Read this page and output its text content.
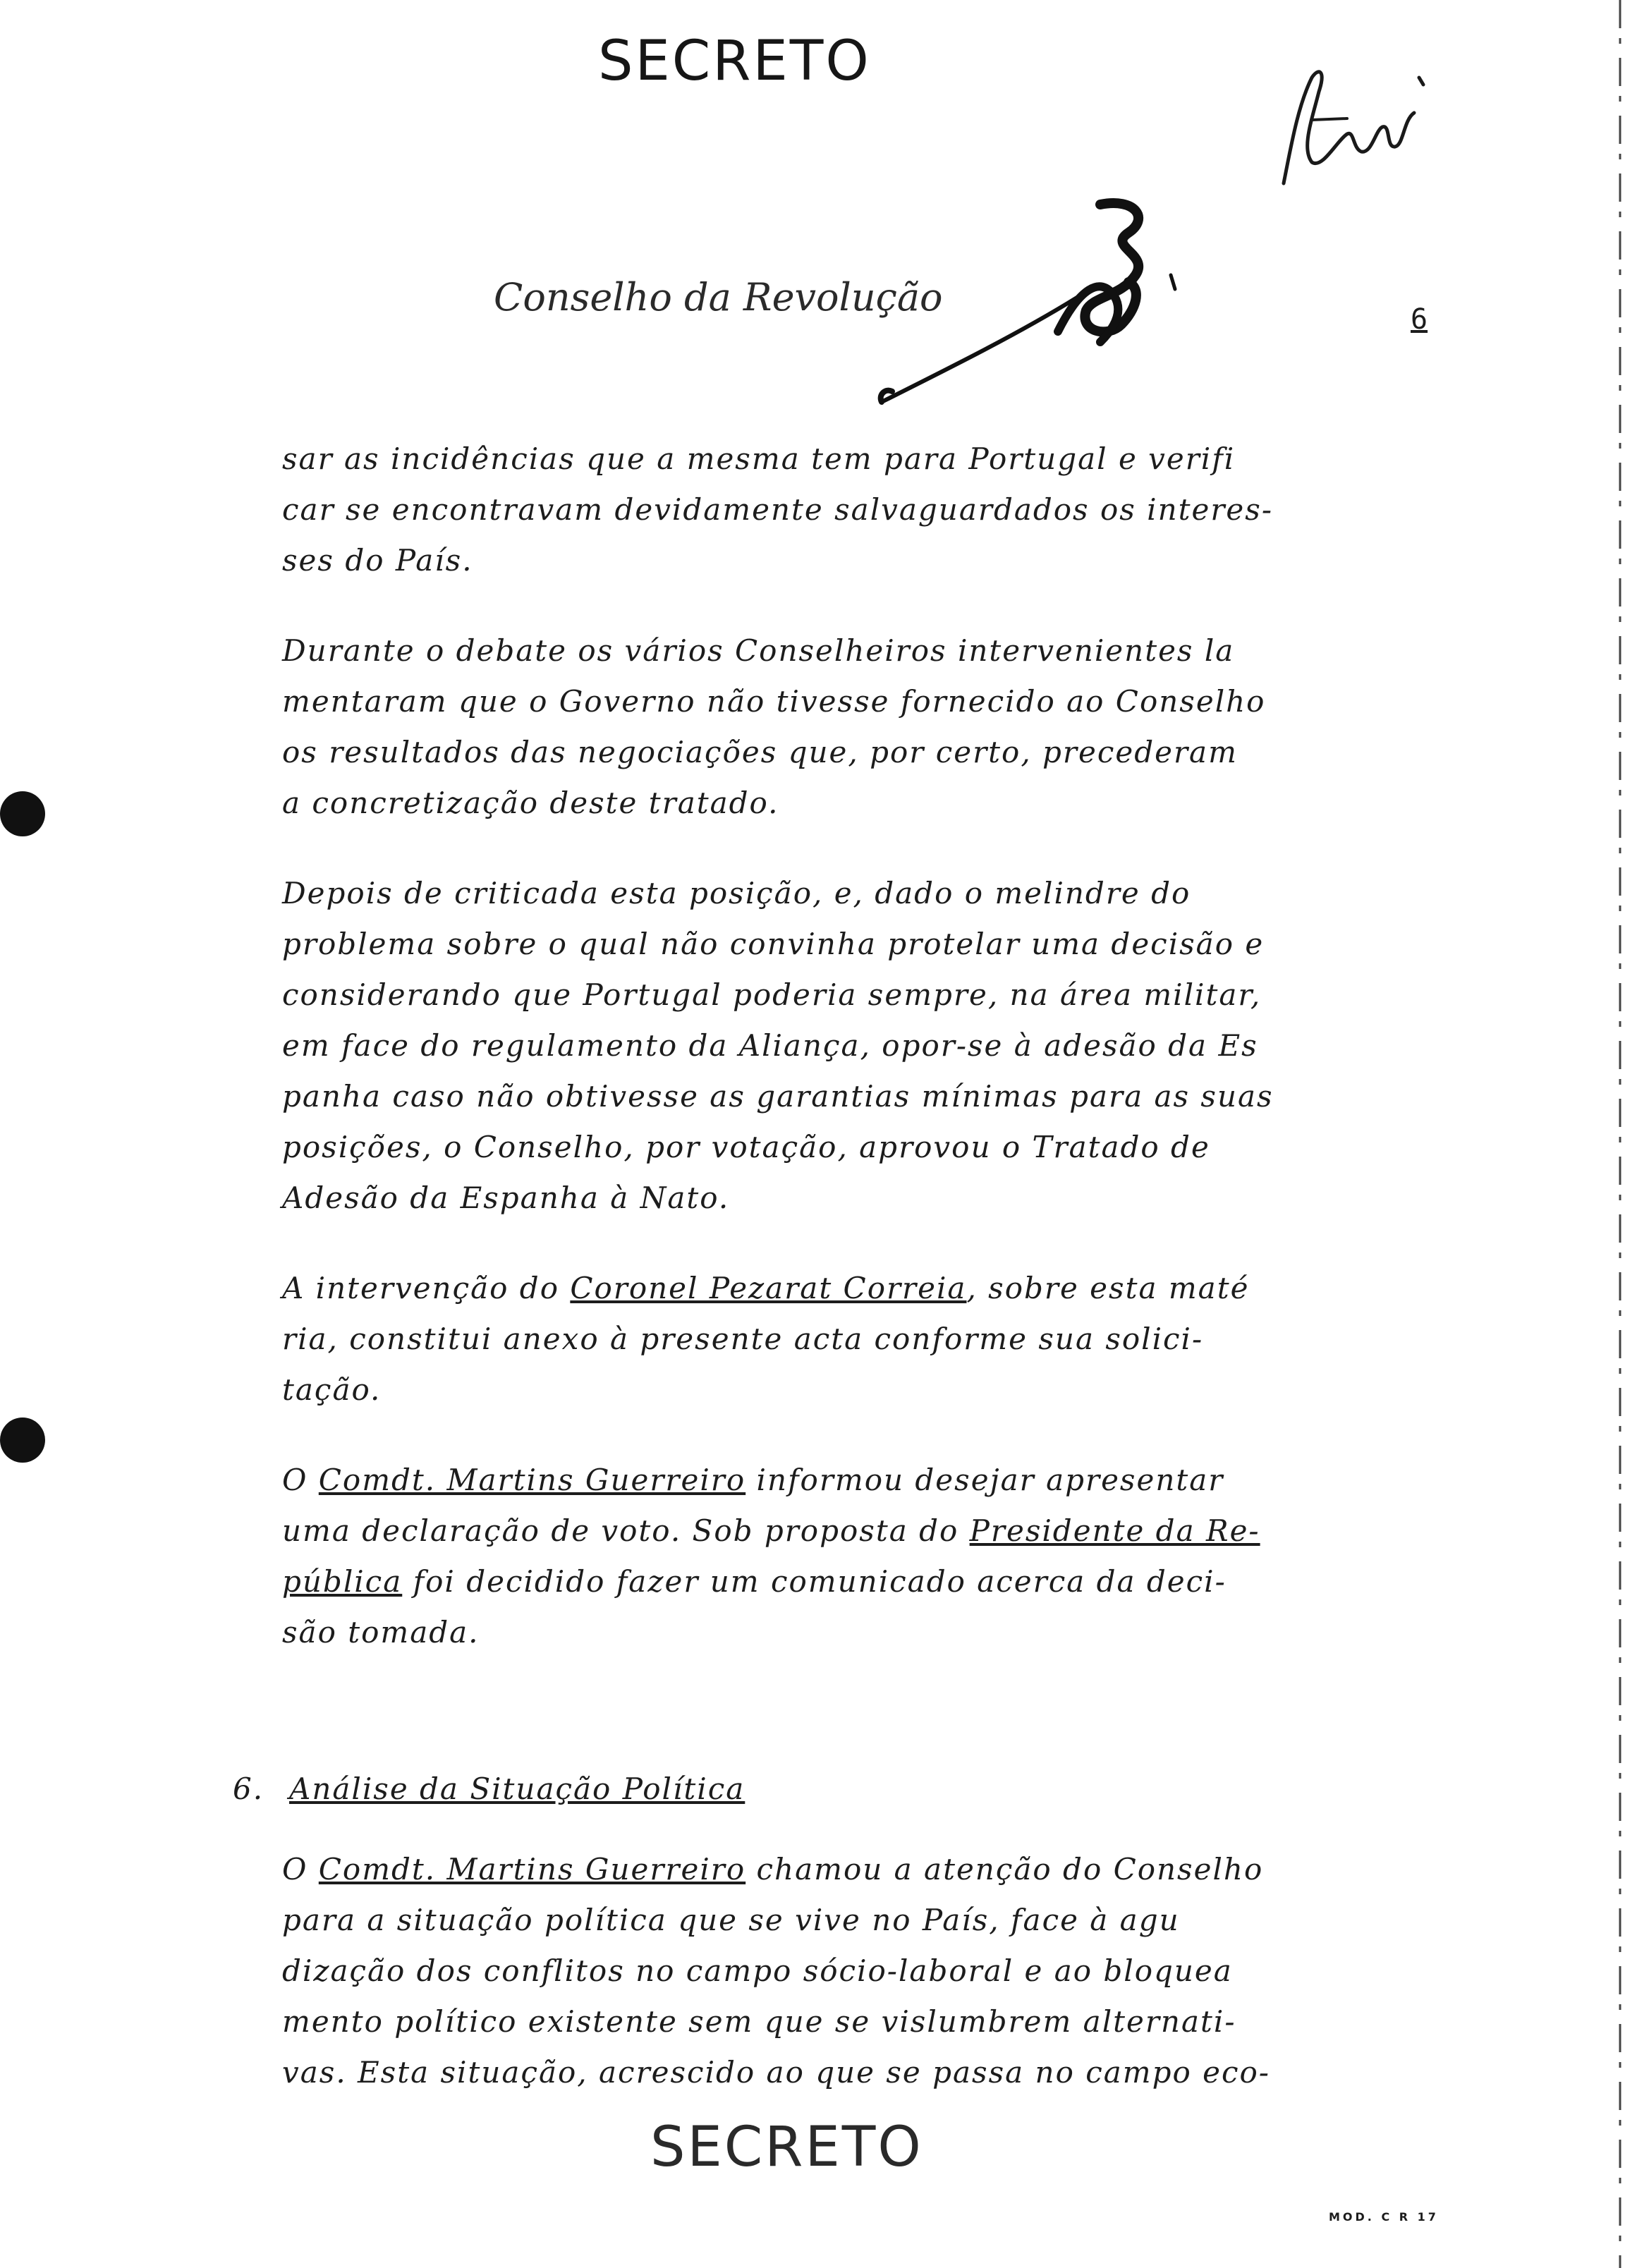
SECRETO
Conselho da Revolução	6
sar as incidências que a mesma tem para Portugal e verifi
car se encontravam devidamente salvaguardados os interes-
ses do País.
Durante o debate os vários Conselheiros intervenientes la
mentaram que o Governo não tivesse fornecido ao Conselho
os resultados das negociações que, por certo, precederam
a concretização deste tratado.
Depois de criticada esta posição, e, dado o melindre do
problema sobre o qual não convinha protelar uma decisão e
considerando que Portugal poderia sempre, na área militar,
em face do regulamento da Aliança, opor-se à adesão da Es
panha caso não obtivesse as garantias mínimas para as suas
posições, o Conselho, por votação, aprovou o Tratado de
Adesão da Espanha à Nato.
A intervenção do Coronel Pezarat Correia, sobre esta maté
ria, constitui anexo à presente acta conforme sua solici-
tação.
O Comdt. Martins Guerreiro informou desejar apresentar
uma declaração de voto. Sob proposta do Presidente da Re-
pública foi decidido fazer um comunicado acerca da deci-
são tomada.
6. Análise da Situação Política
O Comdt. Martins Guerreiro chamou a atenção do Conselho
para a situação política que se vive no País, face à agu
dização dos conflitos no campo sócio-laboral e ao bloquea
mento político existente sem que se vislumbrem alternati-
vas. Esta situação, acrescido ao que se passa no campo eco-
SECRETO
MOD. C R 17
